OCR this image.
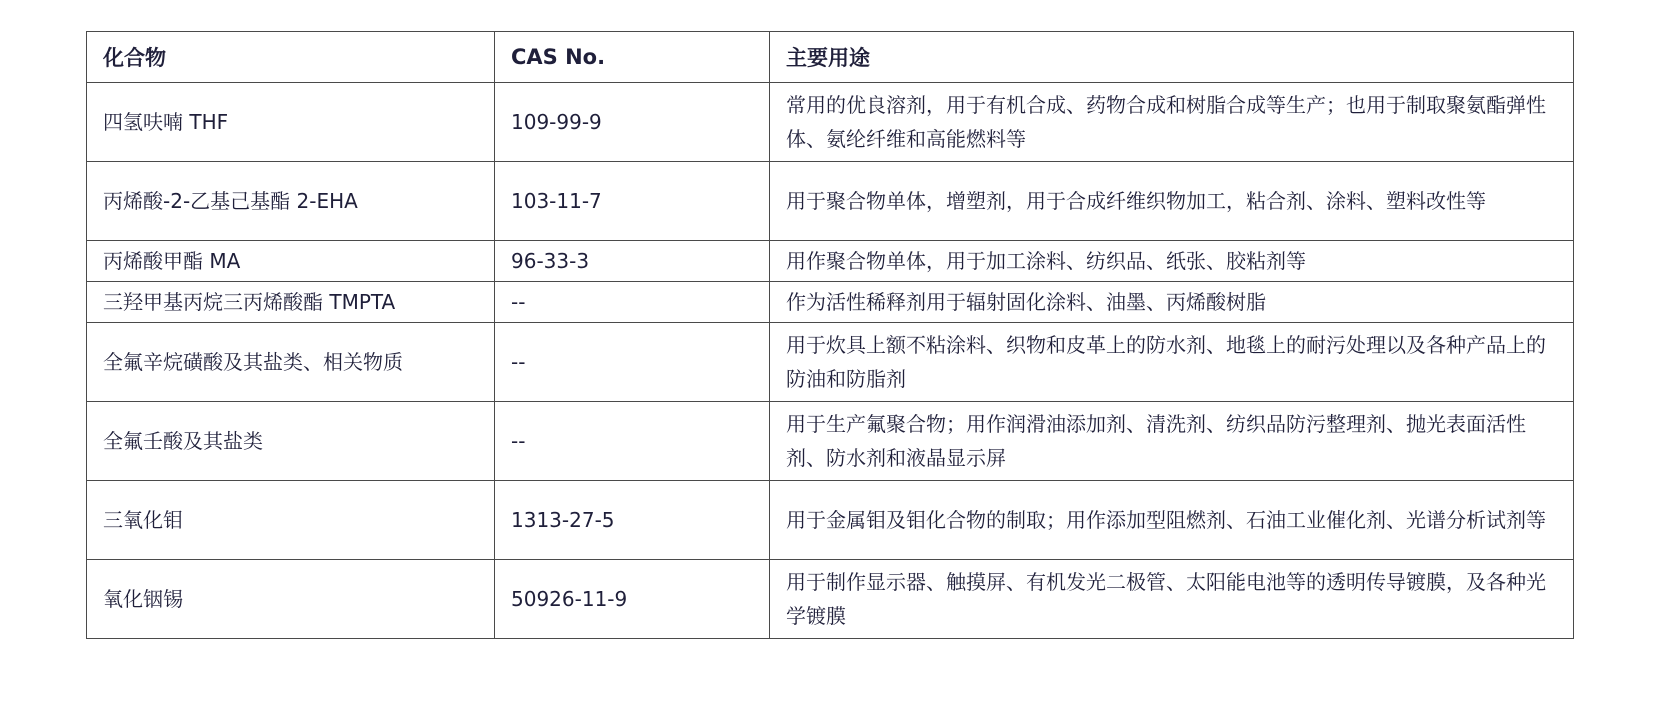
化合物	CAS No.	主要用途
四氢呋喃 THF	109-99-9	常用的优良溶剂，用于有机合成、药物合成和树脂合成等生产；也用于制取聚氨酯弹性体、氨纶纤维和高能燃料等
丙烯酸-2-乙基己基酯 2-EHA	103-11-7	用于聚合物单体，增塑剂，用于合成纤维织物加工，粘合剂、涂料、塑料改性等
丙烯酸甲酯 MA	96-33-3	用作聚合物单体，用于加工涂料、纺织品、纸张、胶粘剂等
三羟甲基丙烷三丙烯酸酯 TMPTA	--	作为活性稀释剂用于辐射固化涂料、油墨、丙烯酸树脂
全氟辛烷磺酸及其盐类、相关物质	--	用于炊具上额不粘涂料、织物和皮革上的防水剂、地毯上的耐污处理以及各种产品上的防油和防脂剂
全氟壬酸及其盐类	--	用于生产氟聚合物；用作润滑油添加剂、清洗剂、纺织品防污整理剂、抛光表面活性剂、防水剂和液晶显示屏
三氧化钼	1313-27-5	用于金属钼及钼化合物的制取；用作添加型阻燃剂、石油工业催化剂、光谱分析试剂等
氧化铟锡	50926-11-9	用于制作显示器、触摸屏、有机发光二极管、太阳能电池等的透明传导镀膜，及各种光学镀膜
